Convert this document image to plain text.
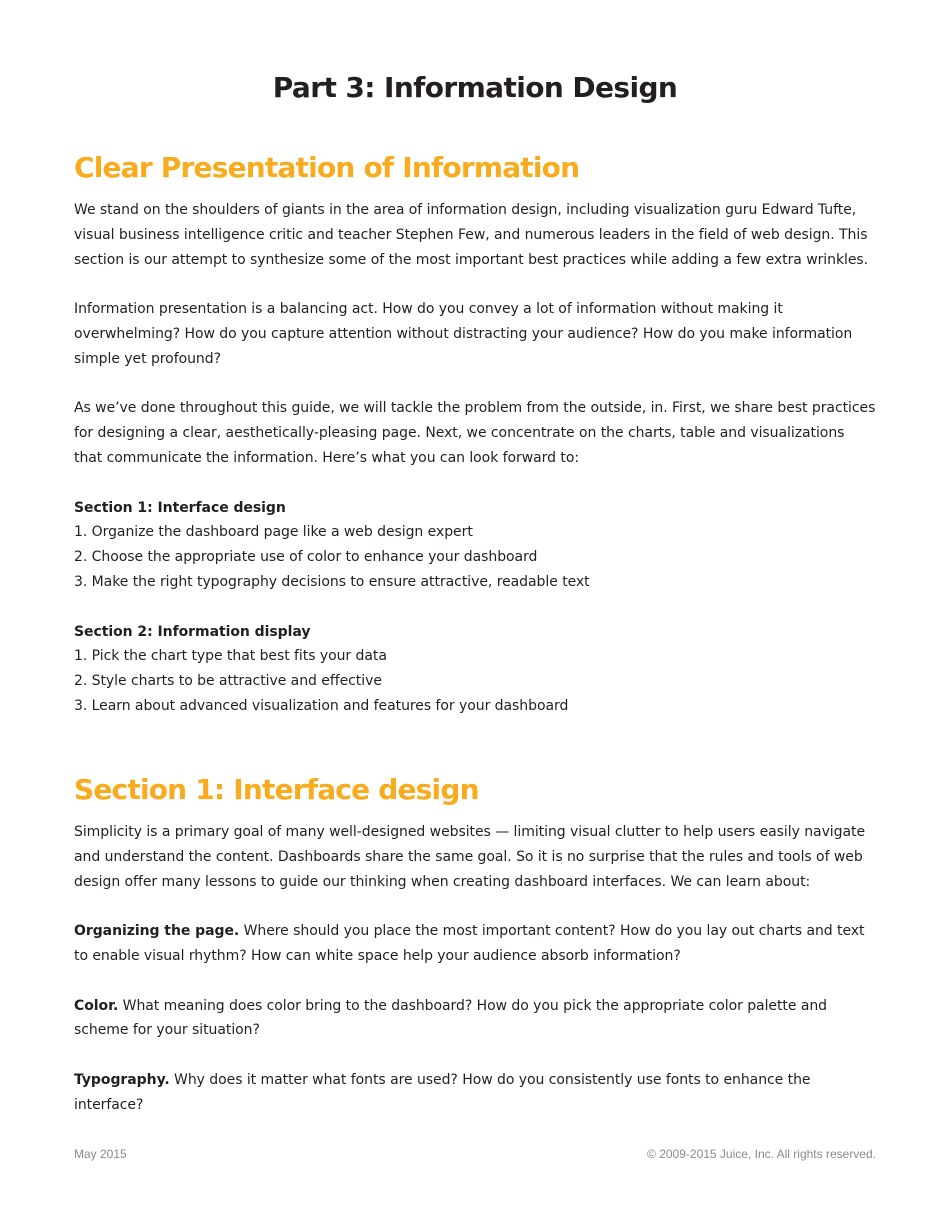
Part 3: Information Design
Clear Presentation of Information

We stand on the shoulders of giants in the area of information design, including visualization guru Edward Tufte, visual business intelligence critic and teacher Stephen Few, and numerous leaders in the field of web design. This section is our attempt to synthesize some of the most important best practices while adding a few extra wrinkles.

Information presentation is a balancing act. How do you convey a lot of information without making it overwhelming? How do you capture attention without distracting your audience? How do you make information simple yet profound?

As we’ve done throughout this guide, we will tackle the problem from the outside, in. First, we share best practices for designing a clear, aesthetically-pleasing page. Next, we concentrate on the charts, table and visualizations that communicate the information. Here’s what you can look forward to:

Section 1: Interface design
1. Organize the dashboard page like a web design expert
2. Choose the appropriate use of color to enhance your dashboard
3. Make the right typography decisions to ensure attractive, readable text

Section 2: Information display
1. Pick the chart type that best fits your data
2. Style charts to be attractive and effective
3. Learn about advanced visualization and features for your dashboard

Section 1: Interface design

Simplicity is a primary goal of many well-designed websites — limiting visual clutter to help users easily navigate and understand the content. Dashboards share the same goal. So it is no surprise that the rules and tools of web design offer many lessons to guide our thinking when creating dashboard interfaces. We can learn about:

Organizing the page. Where should you place the most important content? How do you lay out charts and text to enable visual rhythm? How can white space help your audience absorb information?

Color. What meaning does color bring to the dashboard? How do you pick the appropriate color palette and scheme for your situation?

Typography. Why does it matter what fonts are used? How do you consistently use fonts to enhance the interface?

May 2015	© 2009-2015 Juice, Inc. All rights reserved.
